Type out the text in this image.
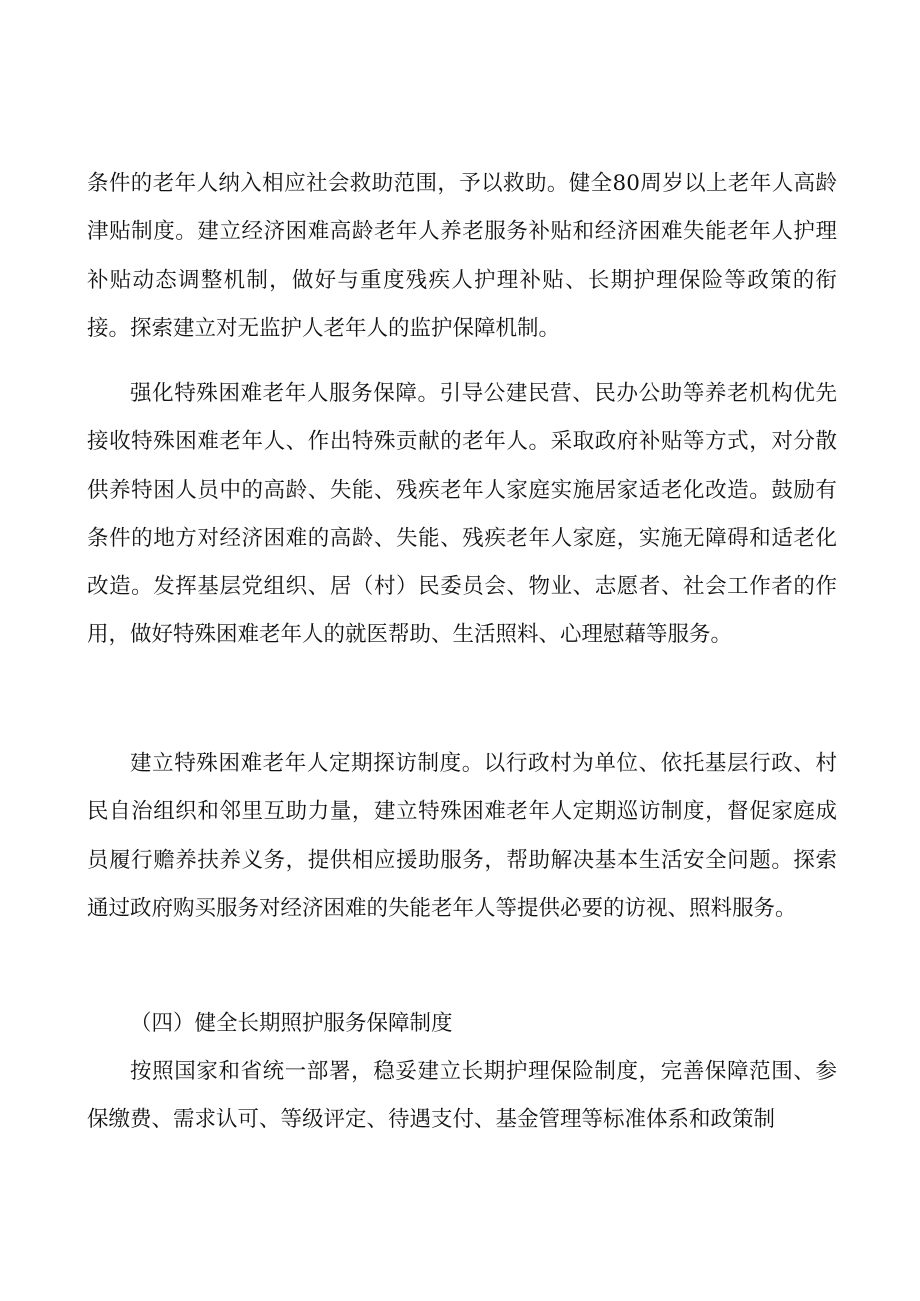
条件的老年人纳入相应社会救助范围，予以救助。健全80周岁以上老年人高龄津贴制度。建立经济困难高龄老年人养老服务补贴和经济困难失能老年人护理补贴动态调整机制，做好与重度残疾人护理补贴、长期护理保险等政策的衔接。探索建立对无监护人老年人的监护保障机制。

强化特殊困难老年人服务保障。引导公建民营、民办公助等养老机构优先接收特殊困难老年人、作出特殊贡献的老年人。采取政府补贴等方式，对分散供养特困人员中的高龄、失能、残疾老年人家庭实施居家适老化改造。鼓励有条件的地方对经济困难的高龄、失能、残疾老年人家庭，实施无障碍和适老化改造。发挥基层党组织、居（村）民委员会、物业、志愿者、社会工作者的作用，做好特殊困难老年人的就医帮助、生活照料、心理慰藉等服务。

建立特殊困难老年人定期探访制度。以行政村为单位、依托基层行政、村民自治组织和邻里互助力量，建立特殊困难老年人定期巡访制度，督促家庭成员履行赡养扶养义务，提供相应援助服务，帮助解决基本生活安全问题。探索通过政府购买服务对经济困难的失能老年人等提供必要的访视、照料服务。

（四）健全长期照护服务保障制度

按照国家和省统一部署，稳妥建立长期护理保险制度，完善保障范围、参保缴费、需求认可、等级评定、待遇支付、基金管理等标准体系和政策制
